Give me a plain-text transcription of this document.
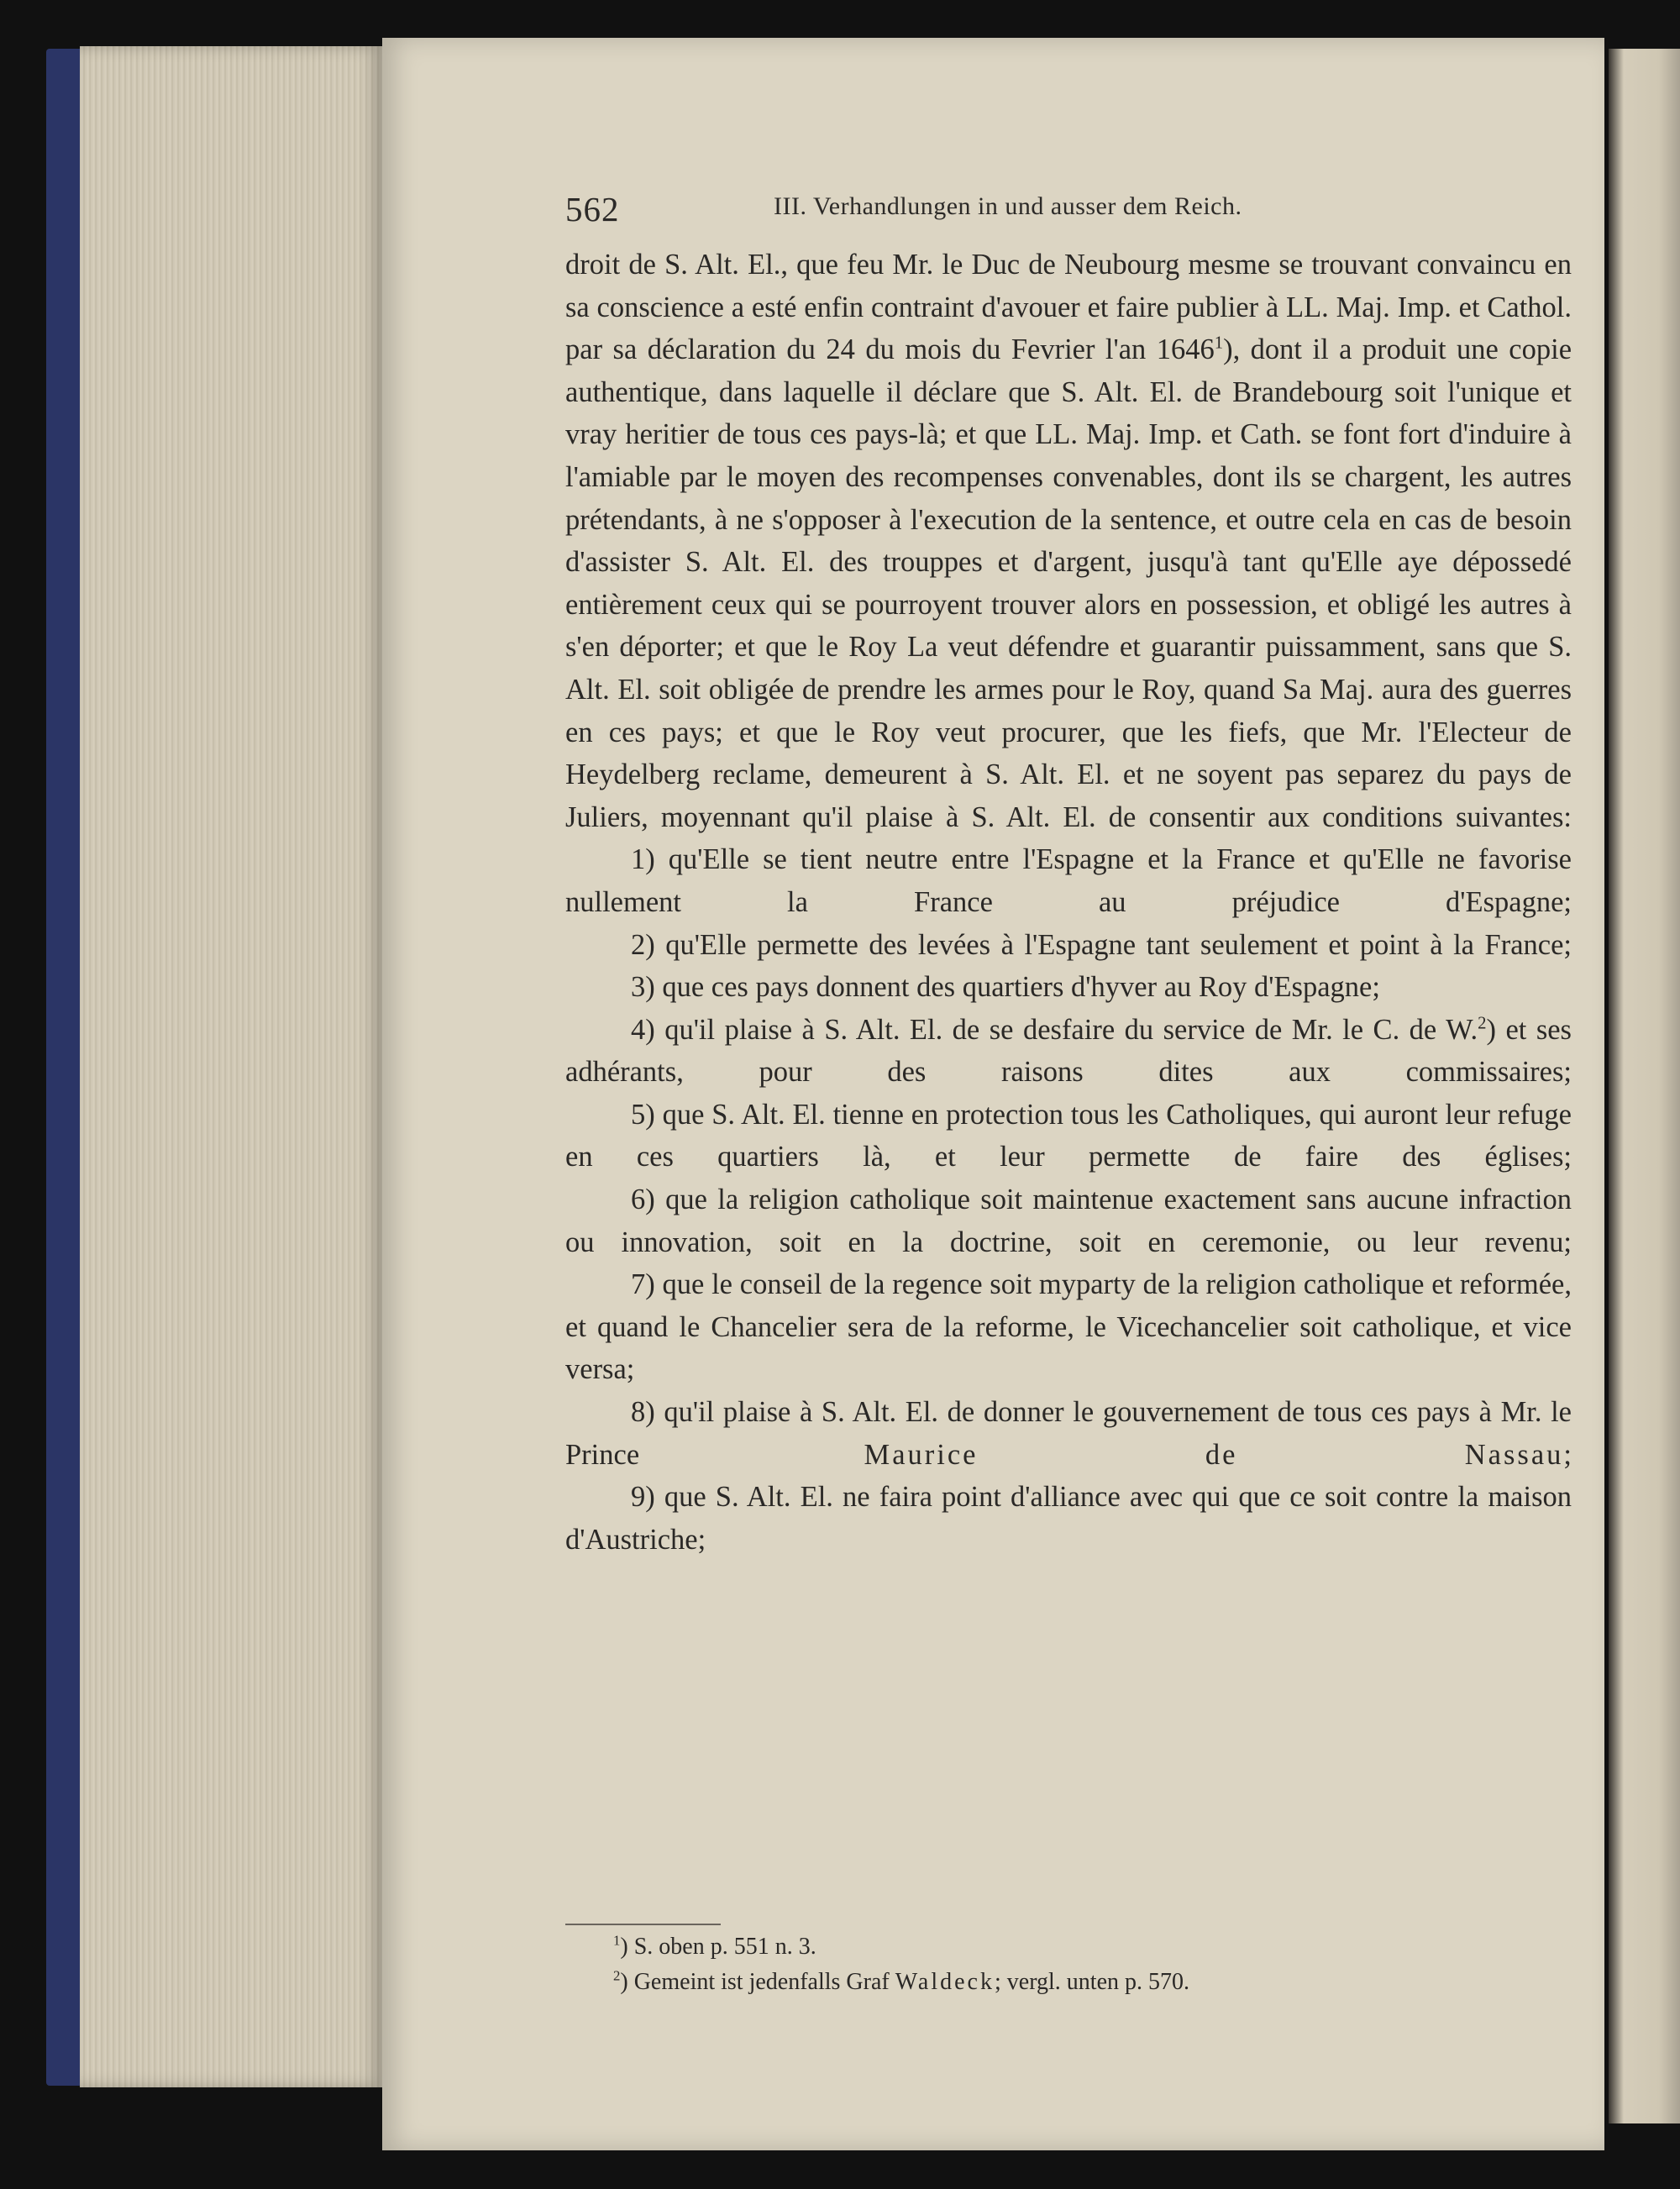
562	III. Verhandlungen in und ausser dem Reich.

droit de S. Alt. El., que feu Mr. le Duc de Neubourg mesme se trouvant convaincu en sa conscience a esté enfin contraint d'avouer et faire publier à LL. Maj. Imp. et Cathol. par sa déclaration du 24 du mois du Fevrier l'an 1646$^1$), dont il a produit une copie authentique, dans laquelle il déclare que S. Alt. El. de Brandebourg soit l'unique et vray heritier de tous ces pays-là; et que LL. Maj. Imp. et Cath. se font fort d'induire à l'amiable par le moyen des recompenses convenables, dont ils se chargent, les autres prétendants, à ne s'opposer à l'execution de la sentence, et outre cela en cas de besoin d'assister S. Alt. El. des trouppes et d'argent, jusqu'à tant qu'Elle aye dépossedé entièrement ceux qui se pourroyent trouver alors en possession, et obligé les autres à s'en déporter; et que le Roy La veut défendre et guarantir puissamment, sans que S. Alt. El. soit obligée de prendre les armes pour le Roy, quand Sa Maj. aura des guerres en ces pays; et que le Roy veut procurer, que les fiefs, que Mr. l'Electeur de Heydelberg reclame, demeurent à S. Alt. El. et ne soyent pas separez du pays de Juliers, moyennant qu'il plaise à S. Alt. El. de consentir aux conditions suivantes:

1) qu'Elle se tient neutre entre l'Espagne et la France et qu'Elle ne favorise nullement la France au préjudice d'Espagne;

2) qu'Elle permette des levées à l'Espagne tant seulement et point à la France;

3) que ces pays donnent des quartiers d'hyver au Roy d'Espagne;

4) qu'il plaise à S. Alt. El. de se desfaire du service de Mr. le C. de W.$^2$) et ses adhérants, pour des raisons dites aux commissaires;

5) que S. Alt. El. tienne en protection tous les Catholiques, qui auront leur refuge en ces quartiers là, et leur permette de faire des églises;

6) que la religion catholique soit maintenue exactement sans aucune infraction ou innovation, soit en la doctrine, soit en ceremonie, ou leur revenu;

7) que le conseil de la regence soit myparty de la religion catholique et reformée, et quand le Chancelier sera de la reforme, le Vicechancelier soit catholique, et vice versa;

8) qu'il plaise à S. Alt. El. de donner le gouvernement de tous ces pays à Mr. le Prince Maurice de Nassau;

9) que S. Alt. El. ne faira point d'alliance avec qui que ce soit contre la maison d'Austriche;

$^1$) S. oben p. 551 n. 3.
$^2$) Gemeint ist jedenfalls Graf Waldeck; vergl. unten p. 570.
